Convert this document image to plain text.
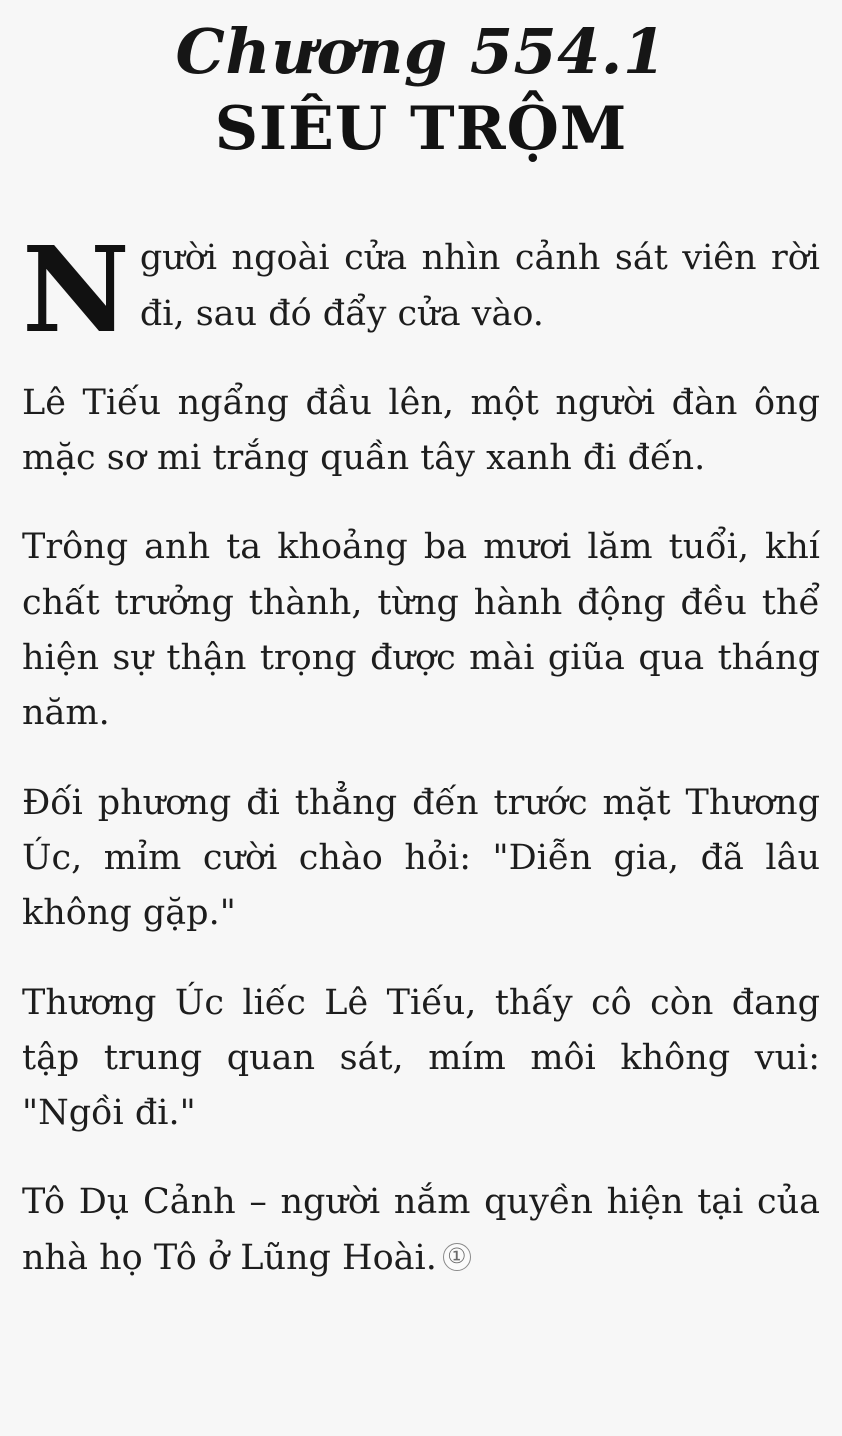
Chương 554.1
SIÊU TRỘM

Người ngoài cửa nhìn cảnh sát viên rời đi, sau đó đẩy cửa vào.

Lê Tiếu ngẩng đầu lên, một người đàn ông mặc sơ mi trắng quần tây xanh đi đến.

Trông anh ta khoảng ba mươi lăm tuổi, khí chất trưởng thành, từng hành động đều thể hiện sự thận trọng được mài giũa qua tháng năm.

Đối phương đi thẳng đến trước mặt Thương Úc, mỉm cười chào hỏi: "Diễn gia, đã lâu không gặp."

Thương Úc liếc Lê Tiếu, thấy cô còn đang tập trung quan sát, mím môi không vui: "Ngồi đi."

Tô Dụ Cảnh – người nắm quyền hiện tại của nhà họ Tô ở Lũng Hoài. ①
